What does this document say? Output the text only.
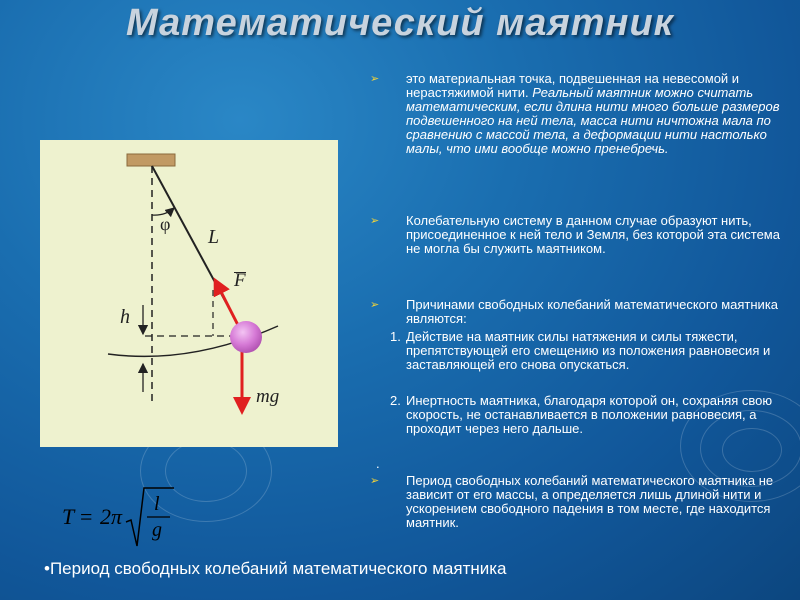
Математический маятник
φ
L
h
F
mg
➢ это материальная точка, подвешенная на невесомой и нерастяжимой нити. Реальный маятник можно считать математическим, если длина нити много больше размеров подвешенного на ней тела, масса нити ничтожна мала по сравнению с массой тела, а деформации нити настолько малы, что ими вообще можно пренебречь.
➢ Колебательную систему в данном случае образуют нить, присоединенное к ней тело и Земля, без которой эта система не могла бы служить маятником.
➢ Причинами свободных колебаний математического маятника являются:
1. Действие на маятник силы натяжения и силы тяжести, препятствующей его смещению из положения равновесия и заставляющей его снова опускаться.
2. Инертность маятника, благодаря которой он, сохраняя свою скорость, не останавливается в положении равновесия, а проходит через него дальше.
.
➢ Период свободных колебаний математического маятника не зависит от его массы, а определяется лишь длиной нити и ускорением свободного падения в том месте, где находится маятник.
T = 2π l
g
•Период свободных колебаний математического маятника
